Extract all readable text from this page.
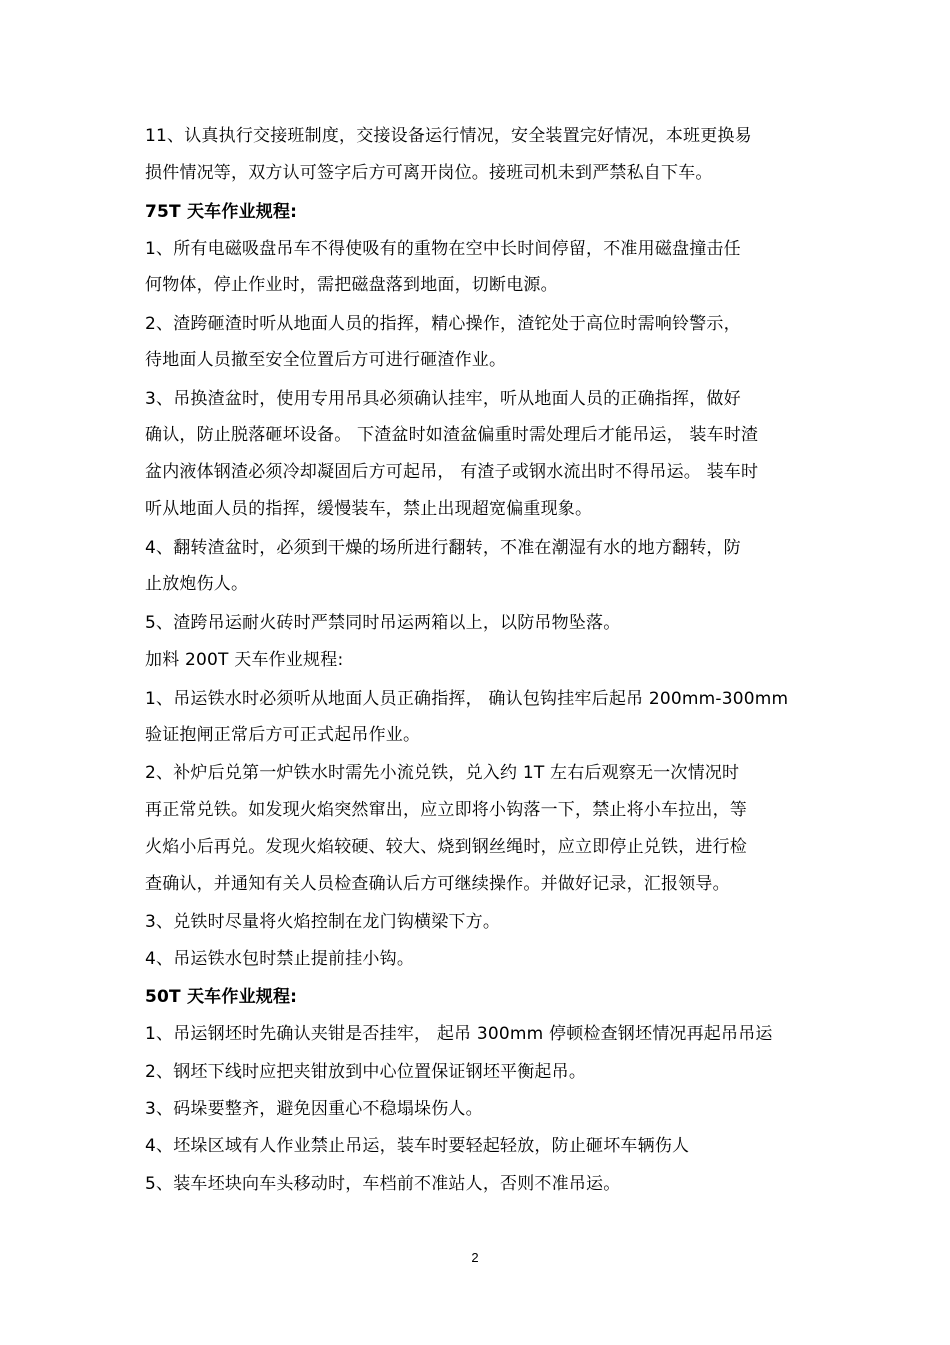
11、认真执行交接班制度，交接设备运行情况，安全装置完好情况，本班更换易
损件情况等，双方认可签字后方可离开岗位。接班司机未到严禁私自下车。
75T 天车作业规程:
1、所有电磁吸盘吊车不得使吸有的重物在空中长时间停留，不准用磁盘撞击任
何物体，停止作业时，需把磁盘落到地面，切断电源。
2、渣跨砸渣时听从地面人员的指挥，精心操作，渣铊处于高位时需响铃警示，
待地面人员撤至安全位置后方可进行砸渣作业。
3、吊换渣盆时，使用专用吊具必须确认挂牢，听从地面人员的正确指挥，做好
确认，防止脱落砸坏设备。 下渣盆时如渣盆偏重时需处理后才能吊运， 装车时渣
盆内液体钢渣必须冷却凝固后方可起吊， 有渣子或钢水流出时不得吊运。 装车时
听从地面人员的指挥，缓慢装车，禁止出现超宽偏重现象。
4、翻转渣盆时，必须到干燥的场所进行翻转，不准在潮湿有水的地方翻转，防
止放炮伤人。
5、渣跨吊运耐火砖时严禁同时吊运两箱以上，以防吊物坠落。
加料 200T 天车作业规程:
1、吊运铁水时必须听从地面人员正确指挥， 确认包钩挂牢后起吊 200mm-300mm
验证抱闸正常后方可正式起吊作业。
2、补炉后兑第一炉铁水时需先小流兑铁，兑入约 1T 左右后观察无一次情况时
再正常兑铁。如发现火焰突然窜出，应立即将小钩落一下，禁止将小车拉出，等
火焰小后再兑。发现火焰较硬、较大、烧到钢丝绳时，应立即停止兑铁，进行检
查确认，并通知有关人员检查确认后方可继续操作。并做好记录，汇报领导。
3、兑铁时尽量将火焰控制在龙门钩横梁下方。
4、吊运铁水包时禁止提前挂小钩。
50T 天车作业规程:
1、吊运钢坯时先确认夹钳是否挂牢， 起吊 300mm 停顿检查钢坯情况再起吊吊运
2、钢坯下线时应把夹钳放到中心位置保证钢坯平衡起吊。
3、码垛要整齐，避免因重心不稳塌垛伤人。
4、坯垛区域有人作业禁止吊运，装车时要轻起轻放，防止砸坏车辆伤人
5、装车坯块向车头移动时，车档前不准站人，否则不准吊运。
2
